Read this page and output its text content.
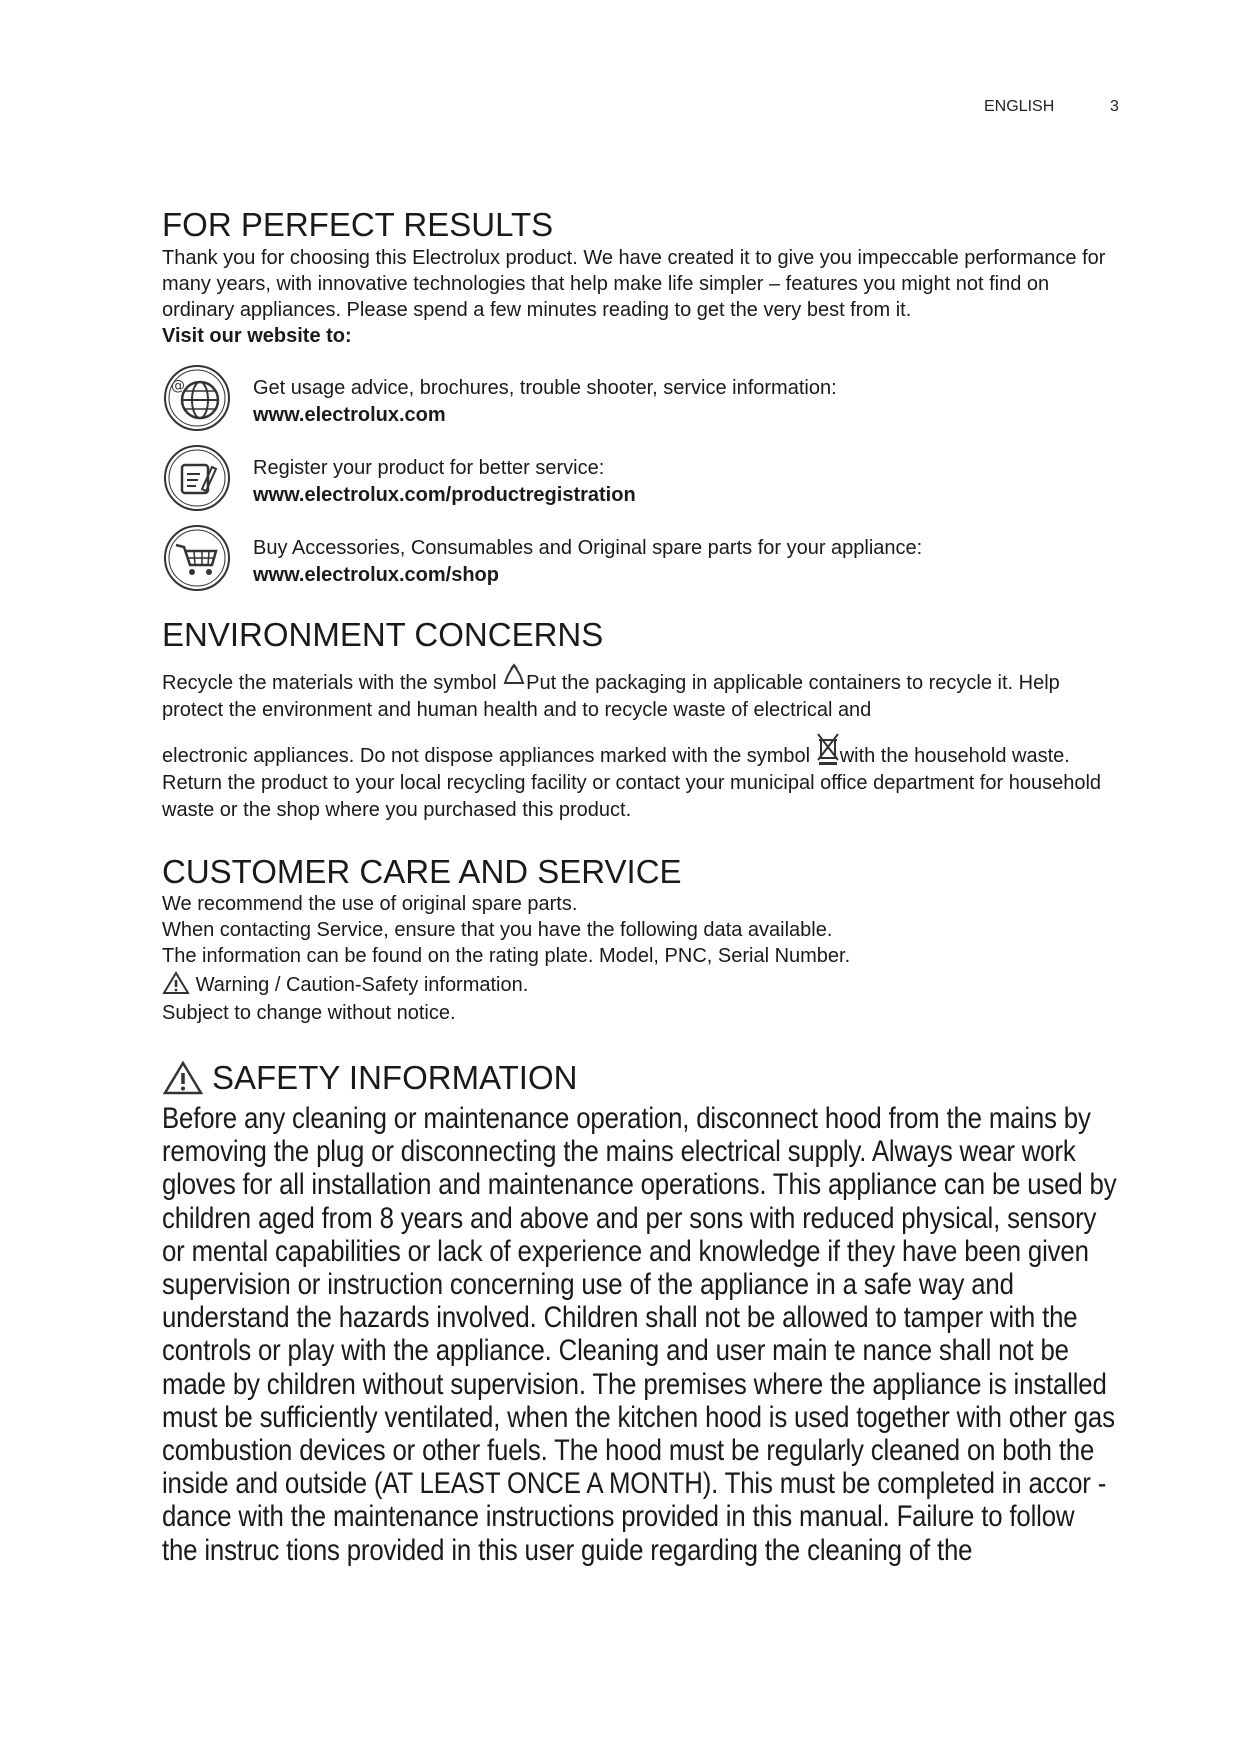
ENGLISH	3
FOR PERFECT RESULTS

Thank you for choosing this Electrolux product. We have created it to give you impeccable performance for many years, with innovative technologies that help make life simpler – features you might not find on ordinary appliances. Please spend a few minutes reading to get the very best from it.

Visit our website to:

@	Get usage advice, brochures, trouble shooter, service information:
www.electrolux.com
Register your product for better service:
www.electrolux.com/productregistration
Buy Accessories, Consumables and Original spare parts for your appliance:
www.electrolux.com/shop
ENVIRONMENT CONCERNS

Recycle the materials with the symbol Put the packaging in applicable containers to recycle it. Help protect the environment and human health and to recycle waste of electrical and

electronic appliances. Do not dispose appliances marked with the symbol with the household waste. Return the product to your local recycling facility or contact your municipal office department for household waste or the shop where you purchased this product.

CUSTOMER CARE AND SERVICE

We recommend the use of original spare parts.

When contacting Service, ensure that you have the following data available.

The information can be found on the rating plate. Model, PNC, Serial Number.

Warning / Caution-Safety information.

Subject to change without notice.

SAFETY INFORMATION

Before any cleaning or maintenance operation, disconnect hood from the mains by removing the plug or disconnecting the mains electrical supply. Always wear work gloves for all installation and maintenance operations. This appliance can be used by children aged from 8 years and above and per sons with reduced physical, sensory or mental capabilities or lack of experience and knowledge if they have been given supervision or instruction concerning use of the appliance in a safe way and understand the hazards involved. Children shall not be allowed to tamper with the controls or play with the appliance. Cleaning and user main te nance shall not be made by children without supervision. The premises where the appliance is installed must be sufficiently ventilated, when the kitchen hood is used together with other gas combustion devices or other fuels. The hood must be regularly cleaned on both the inside and outside (AT LEAST ONCE A MONTH). This must be completed in accor - dance with the maintenance instructions provided in this manual. Failure to follow the instruc tions provided in this user guide regarding the cleaning of the
